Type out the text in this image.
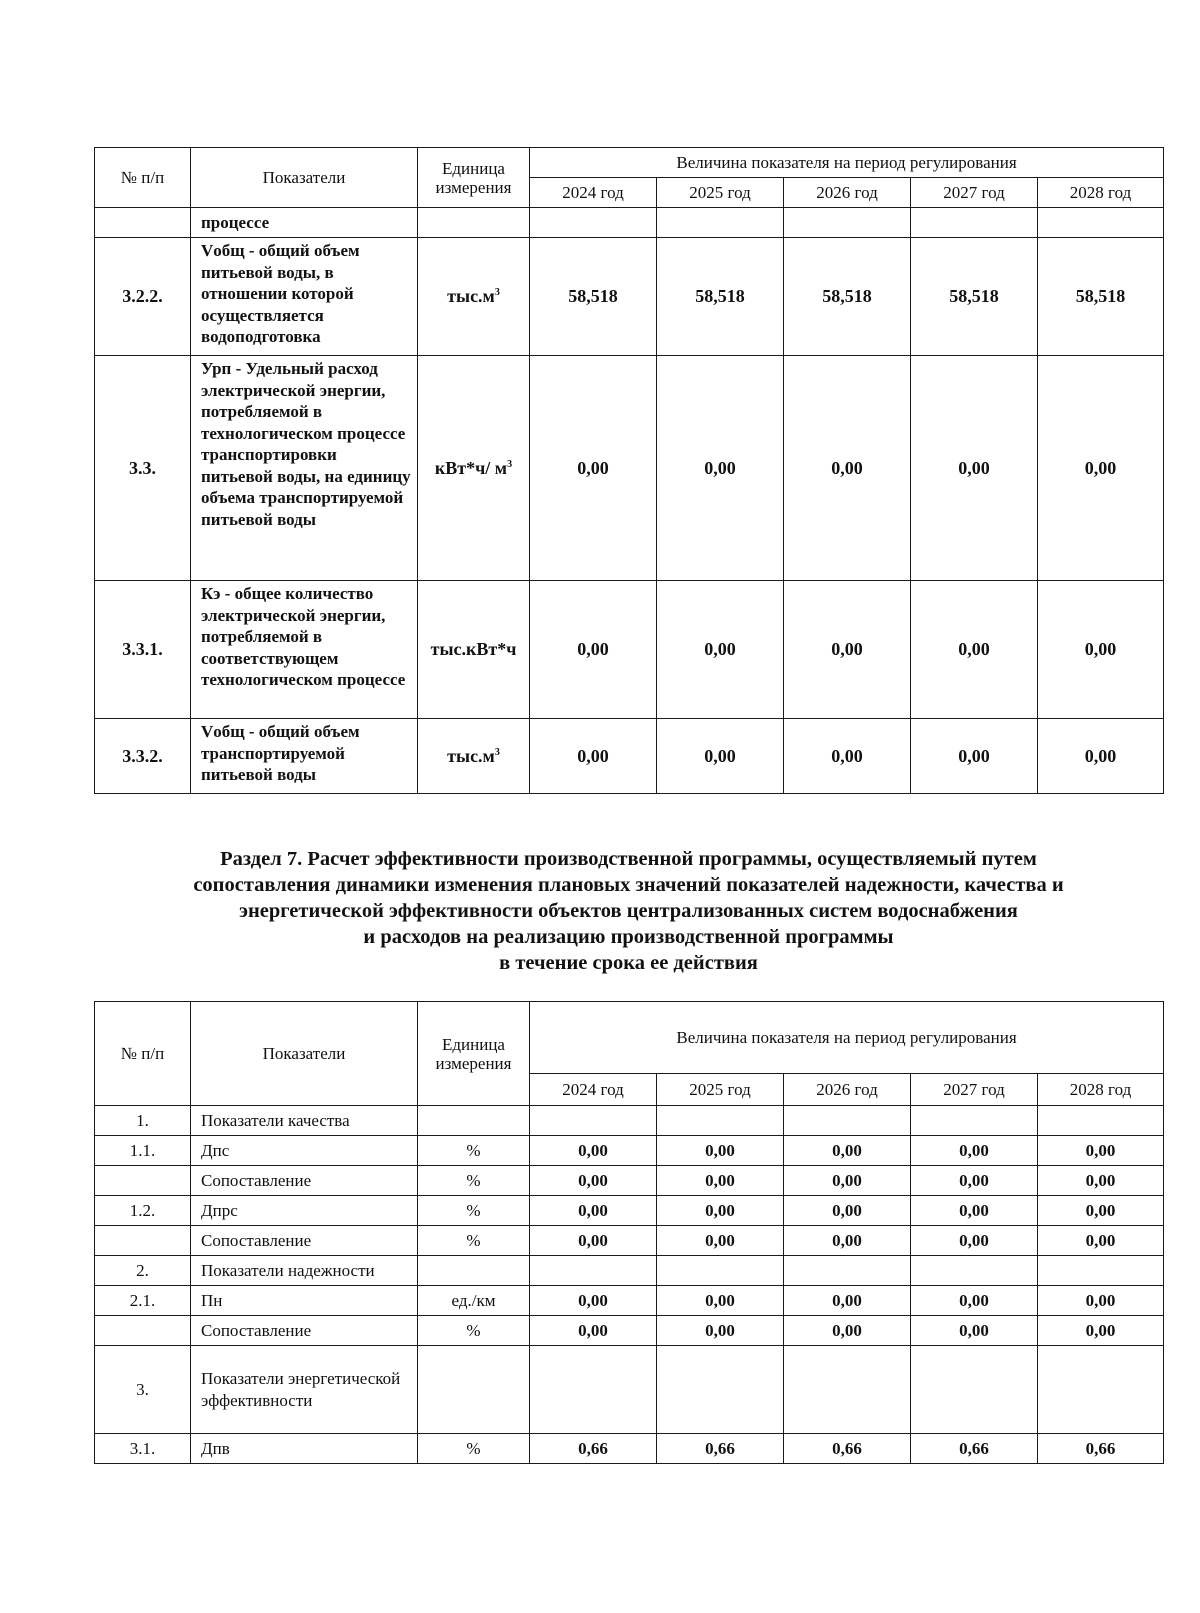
№ п/п	Показатели	Единица измерения	Величина показателя на период регулирования				
			2024 год	2025 год	2026 год	2027 год	2028 год
	процессе						
3.2.2.	Vобщ - общий объем питьевой воды, в отношении которой осуществляется водоподготовка	$тыс.м^3$	58,518	58,518	58,518	58,518	58,518
3.3.	Урп - Удельный расход электрической энергии, потребляемой в технологическом процессе транспортировки питьевой воды, на единицу объема транспортируемой питьевой воды	кВт*ч/ $м^3$	0,00	0,00	0,00	0,00	0,00
3.3.1.	Кэ - общее количество электрической энергии, потребляемой в соответствующем технологическом процессе	тыс.кВт*ч	0,00	0,00	0,00	0,00	0,00
3.3.2.	Vобщ - общий объем транспортируемой питьевой воды	$тыс.м^3$	0,00	0,00	0,00	0,00	0,00
Раздел 7. Расчет эффективности производственной программы, осуществляемый путем
сопоставления динамики изменения плановых значений показателей надежности, качества и
энергетической эффективности объектов централизованных систем водоснабжения
и расходов на реализацию производственной программы
в течение срока ее действия
№ п/п	Показатели	Единица измерения	Величина показателя на период регулирования				
			2024 год	2025 год	2026 год	2027 год	2028 год
1.	Показатели качества						
1.1.	Дпс	%	0,00	0,00	0,00	0,00	0,00
	Сопоставление	%	0,00	0,00	0,00	0,00	0,00
1.2.	Дпрс	%	0,00	0,00	0,00	0,00	0,00
	Сопоставление	%	0,00	0,00	0,00	0,00	0,00
2.	Показатели надежности						
2.1.	Пн	ед./км	0,00	0,00	0,00	0,00	0,00
	Сопоставление	%	0,00	0,00	0,00	0,00	0,00
3.	Показатели энергетической эффективности						
3.1.	Дпв	%	0,66	0,66	0,66	0,66	0,66
